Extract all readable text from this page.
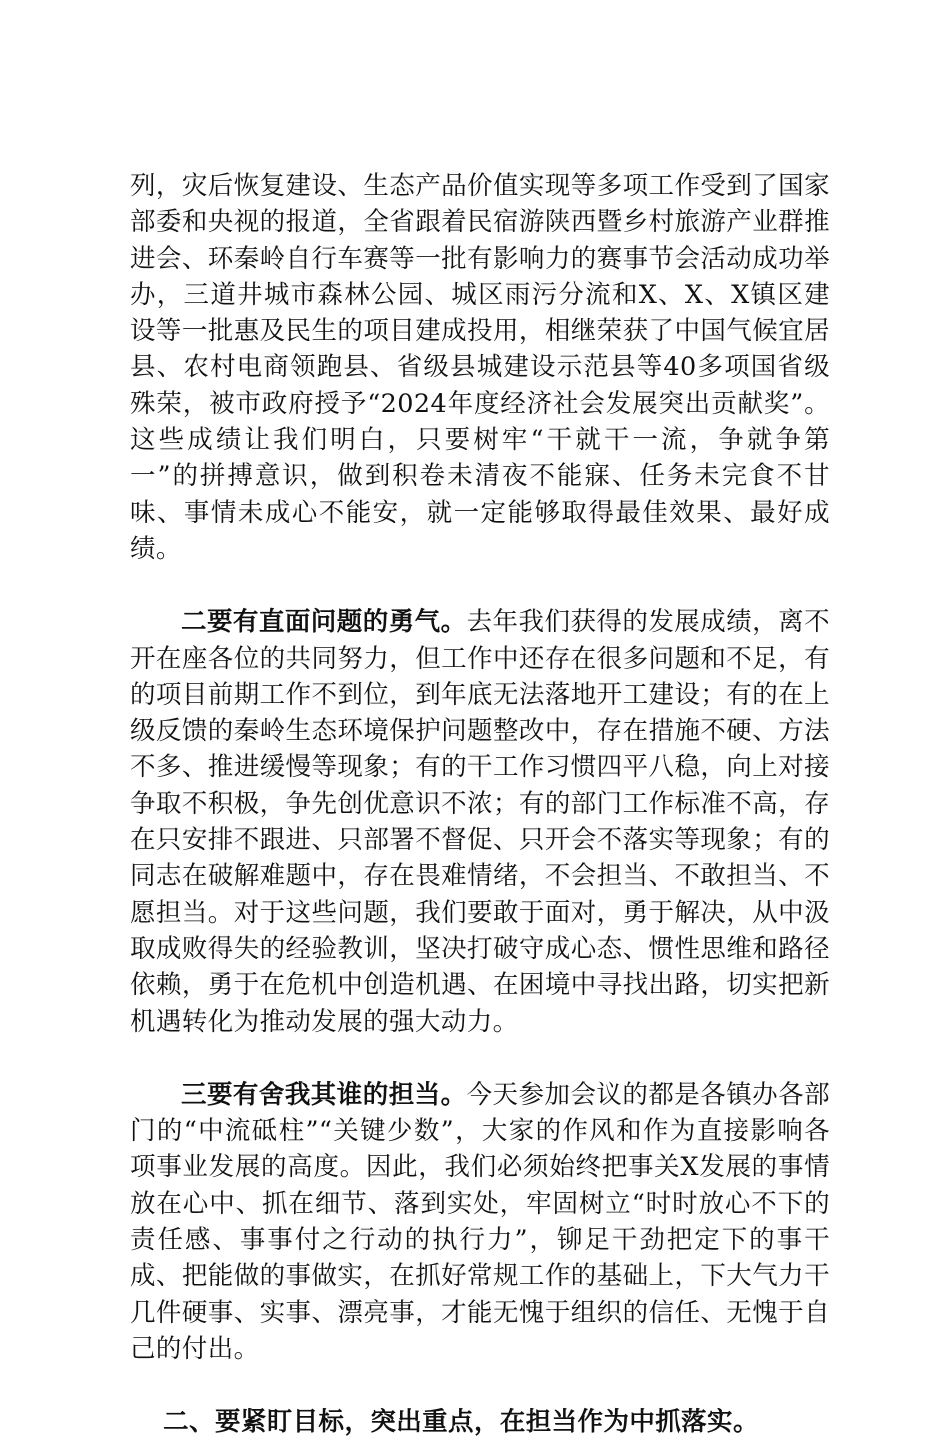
列，灾后恢复建设、生态产品价值实现等多项工作受到了国家部委和央视的报道，全省跟着民宿游陕西暨乡村旅游产业群推进会、环秦岭自行车赛等一批有影响力的赛事节会活动成功举办，三道井城市森林公园、城区雨污分流和X、X、X镇区建设等一批惠及民生的项目建成投用，相继荣获了中国气候宜居县、农村电商领跑县、省级县城建设示范县等40多项国省级殊荣，被市政府授予“2024年度经济社会发展突出贡献奖”。这些成绩让我们明白，只要树牢“干就干一流，争就争第一”的拼搏意识，做到积卷未清夜不能寐、任务未完食不甘味、事情未成心不能安，就一定能够取得最佳效果、最好成绩。

二要有直面问题的勇气。去年我们获得的发展成绩，离不开在座各位的共同努力，但工作中还存在很多问题和不足，有的项目前期工作不到位，到年底无法落地开工建设；有的在上级反馈的秦岭生态环境保护问题整改中，存在措施不硬、方法不多、推进缓慢等现象；有的干工作习惯四平八稳，向上对接争取不积极，争先创优意识不浓；有的部门工作标准不高，存在只安排不跟进、只部署不督促、只开会不落实等现象；有的同志在破解难题中，存在畏难情绪，不会担当、不敢担当、不愿担当。对于这些问题，我们要敢于面对，勇于解决，从中汲取成败得失的经验教训，坚决打破守成心态、惯性思维和路径依赖，勇于在危机中创造机遇、在困境中寻找出路，切实把新机遇转化为推动发展的强大动力。

三要有舍我其谁的担当。今天参加会议的都是各镇办各部门的“中流砥柱”“关键少数”，大家的作风和作为直接影响各项事业发展的高度。因此，我们必须始终把事关X发展的事情放在心中、抓在细节、落到实处，牢固树立“时时放心不下的责任感、事事付之行动的执行力”，铆足干劲把定下的事干成、把能做的事做实，在抓好常规工作的基础上，下大气力干几件硬事、实事、漂亮事，才能无愧于组织的信任、无愧于自己的付出。

二、要紧盯目标，突出重点，在担当作为中抓落实。
